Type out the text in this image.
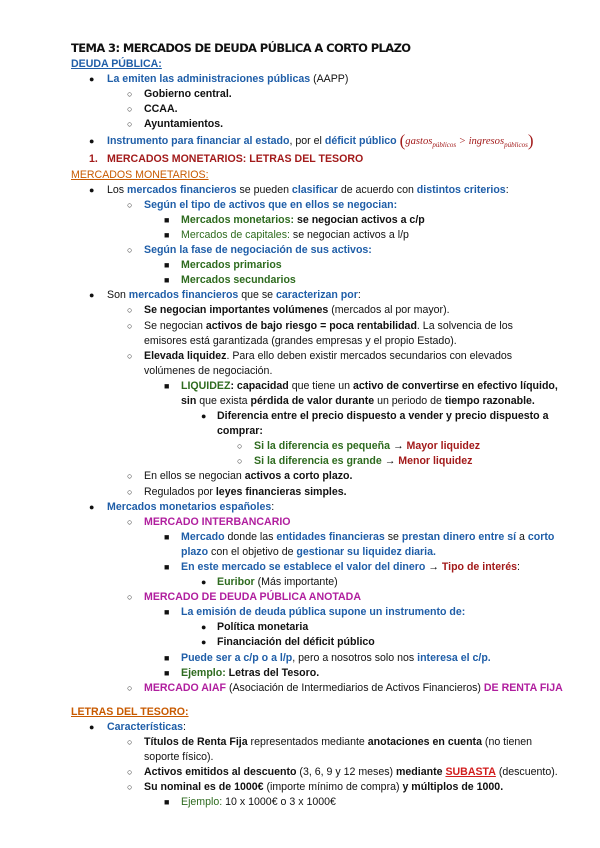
TEMA 3: MERCADOS DE DEUDA PÚBLICA A CORTO PLAZO
DEUDA PÚBLICA:
● La emiten las administraciones públicas (AAPP)
○ Gobierno central.
○ CCAA.
○ Ayuntamientos.
● Instrumento para financiar al estado, por el déficit público (gastos$_{públicos}$ > ingresos$_{públicos}$)
1. MERCADOS MONETARIOS: LETRAS DEL TESORO
MERCADOS MONETARIOS:
● Los mercados financieros se pueden clasificar de acuerdo con distintos criterios:
○ Según el tipo de activos que en ellos se negocian:
■ Mercados monetarios: se negocian activos a c/p
■ Mercados de capitales: se negocian activos a l/p
○ Según la fase de negociación de sus activos:
■ Mercados primarios
■ Mercados secundarios
● Son mercados financieros que se caracterizan por:
○ Se negocian importantes volúmenes (mercados al por mayor).
○ Se negocian activos de bajo riesgo = poca rentabilidad. La solvencia de los
emisores está garantizada (grandes empresas y el propio Estado).
○ Elevada liquidez. Para ello deben existir mercados secundarios con elevados
volúmenes de negociación.
■ LIQUIDEZ: capacidad que tiene un activo de convertirse en efectivo líquido,
sin que exista pérdida de valor durante un periodo de tiempo razonable.
● Diferencia entre el precio dispuesto a vender y precio dispuesto a
comprar:
○ Si la diferencia es pequeña → Mayor liquidez
○ Si la diferencia es grande → Menor liquidez
○ En ellos se negocian activos a corto plazo.
○ Regulados por leyes financieras simples.
● Mercados monetarios españoles:
○ MERCADO INTERBANCARIO
■ Mercado donde las entidades financieras se prestan dinero entre sí a corto
plazo con el objetivo de gestionar su liquidez diaria.
■ En este mercado se establece el valor del dinero → Tipo de interés:
● Euribor (Más importante)
○ MERCADO DE DEUDA PÚBLICA ANOTADA
■ La emisión de deuda pública supone un instrumento de:
● Política monetaria
● Financiación del déficit público
■ Puede ser a c/p o a l/p, pero a nosotros solo nos interesa el c/p.
■ Ejemplo: Letras del Tesoro.
○ MERCADO AIAF (Asociación de Intermediarios de Activos Financieros) DE RENTA FIJA
LETRAS DEL TESORO:
● Características:
○ Títulos de Renta Fija representados mediante anotaciones en cuenta (no tienen
soporte físico).
○ Activos emitidos al descuento (3, 6, 9 y 12 meses) mediante SUBASTA (descuento).
○ Su nominal es de 1000€ (importe mínimo de compra) y múltiplos de 1000.
■ Ejemplo: 10 x 1000€ o 3 x 1000€
